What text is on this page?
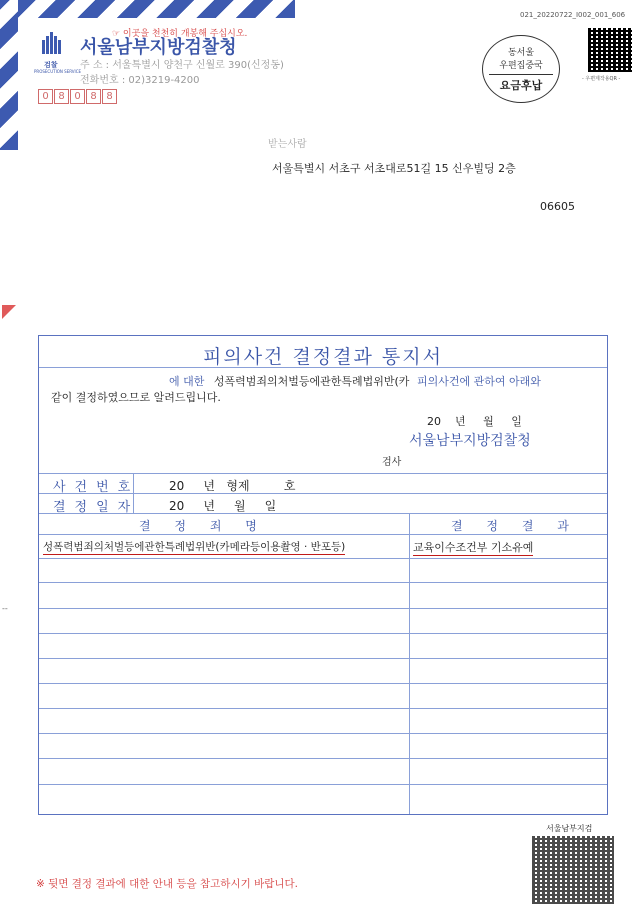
☞ 이곳을 천천히 개봉해 주십시오.
검찰
PROSECUTION SERVICE
서울남부지방검찰청
주 소 : 서울특별시 양천구 신월로 390(신정동)
전화번호 : 02)3219-4200
0 8 0 8 8
021_20220722_I002_001_606
- 우편제작용QR -
동서울
우편집중국
요금후납
받는사람
서울특별시 서초구 서초대로51길 15 신우빌딩 2층
06605
--
피의사건 결정결과 통지서
에 대한 성폭력범죄의처벌등에관한특례법위반(카 피의사건에 관하여 아래와
같이 결정하였으므로 알려드립니다.
20    년     월     일
서울남부지방검찰청
검사
사건번호 20     년   형제         호
결정일자 20     년     월     일
결 정 죄 명	결 정 결 과
성폭력범죄의처벌등에관한특례법위반(카메라등이용촬영 · 반포등)	교육이수조건부 기소유예
서울남부지검
※ 뒷면 결정 결과에 대한 안내 등을 참고하시기 바랍니다.
